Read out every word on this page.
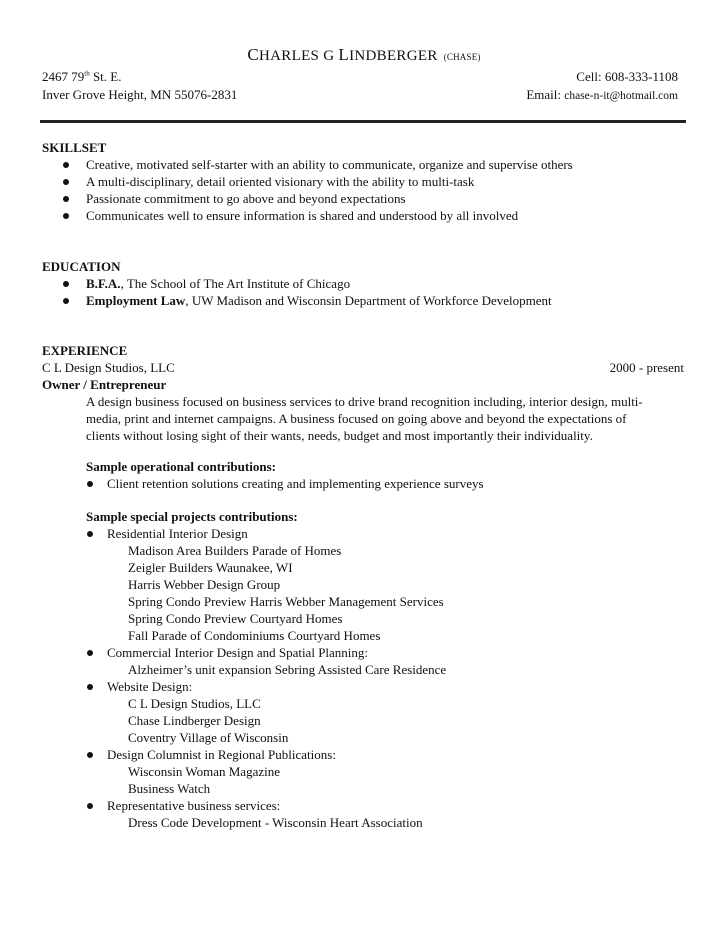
CHARLES G LINDBERGER (CHASE)
2467 79th St. E.
Inver Grove Height, MN 55076-2831
Cell: 608-333-1108
Email: chase-n-it@hotmail.com
SKILLSET
Creative, motivated self-starter with an ability to communicate, organize and supervise others
A multi-disciplinary, detail oriented visionary with the ability to multi-task
Passionate commitment to go above and beyond expectations
Communicates well to ensure information is shared and understood by all involved
EDUCATION
B.F.A., The School of The Art Institute of Chicago
Employment Law, UW Madison and Wisconsin Department of Workforce Development
EXPERIENCE
C L Design Studios, LLC	2000 - present
Owner / Entrepreneur
A design business focused on business services to drive brand recognition including, interior design, multi-
media, print and internet campaigns. A business focused on going above and beyond the expectations of
clients without losing sight of their wants, needs, budget and most importantly their individuality.
Sample operational contributions:
Client retention solutions creating and implementing experience surveys
Sample special projects contributions:
Residential Interior Design
Madison Area Builders Parade of Homes
Zeigler Builders Waunakee, WI
Harris Webber Design Group
Spring Condo Preview Harris Webber Management Services
Spring Condo Preview Courtyard Homes
Fall Parade of Condominiums Courtyard Homes
Commercial Interior Design and Spatial Planning:
Alzheimer’s unit expansion Sebring Assisted Care Residence
Website Design:
C L Design Studios, LLC
Chase Lindberger Design
Coventry Village of Wisconsin
Design Columnist in Regional Publications:
Wisconsin Woman Magazine
Business Watch
Representative business services:
Dress Code Development - Wisconsin Heart Association
